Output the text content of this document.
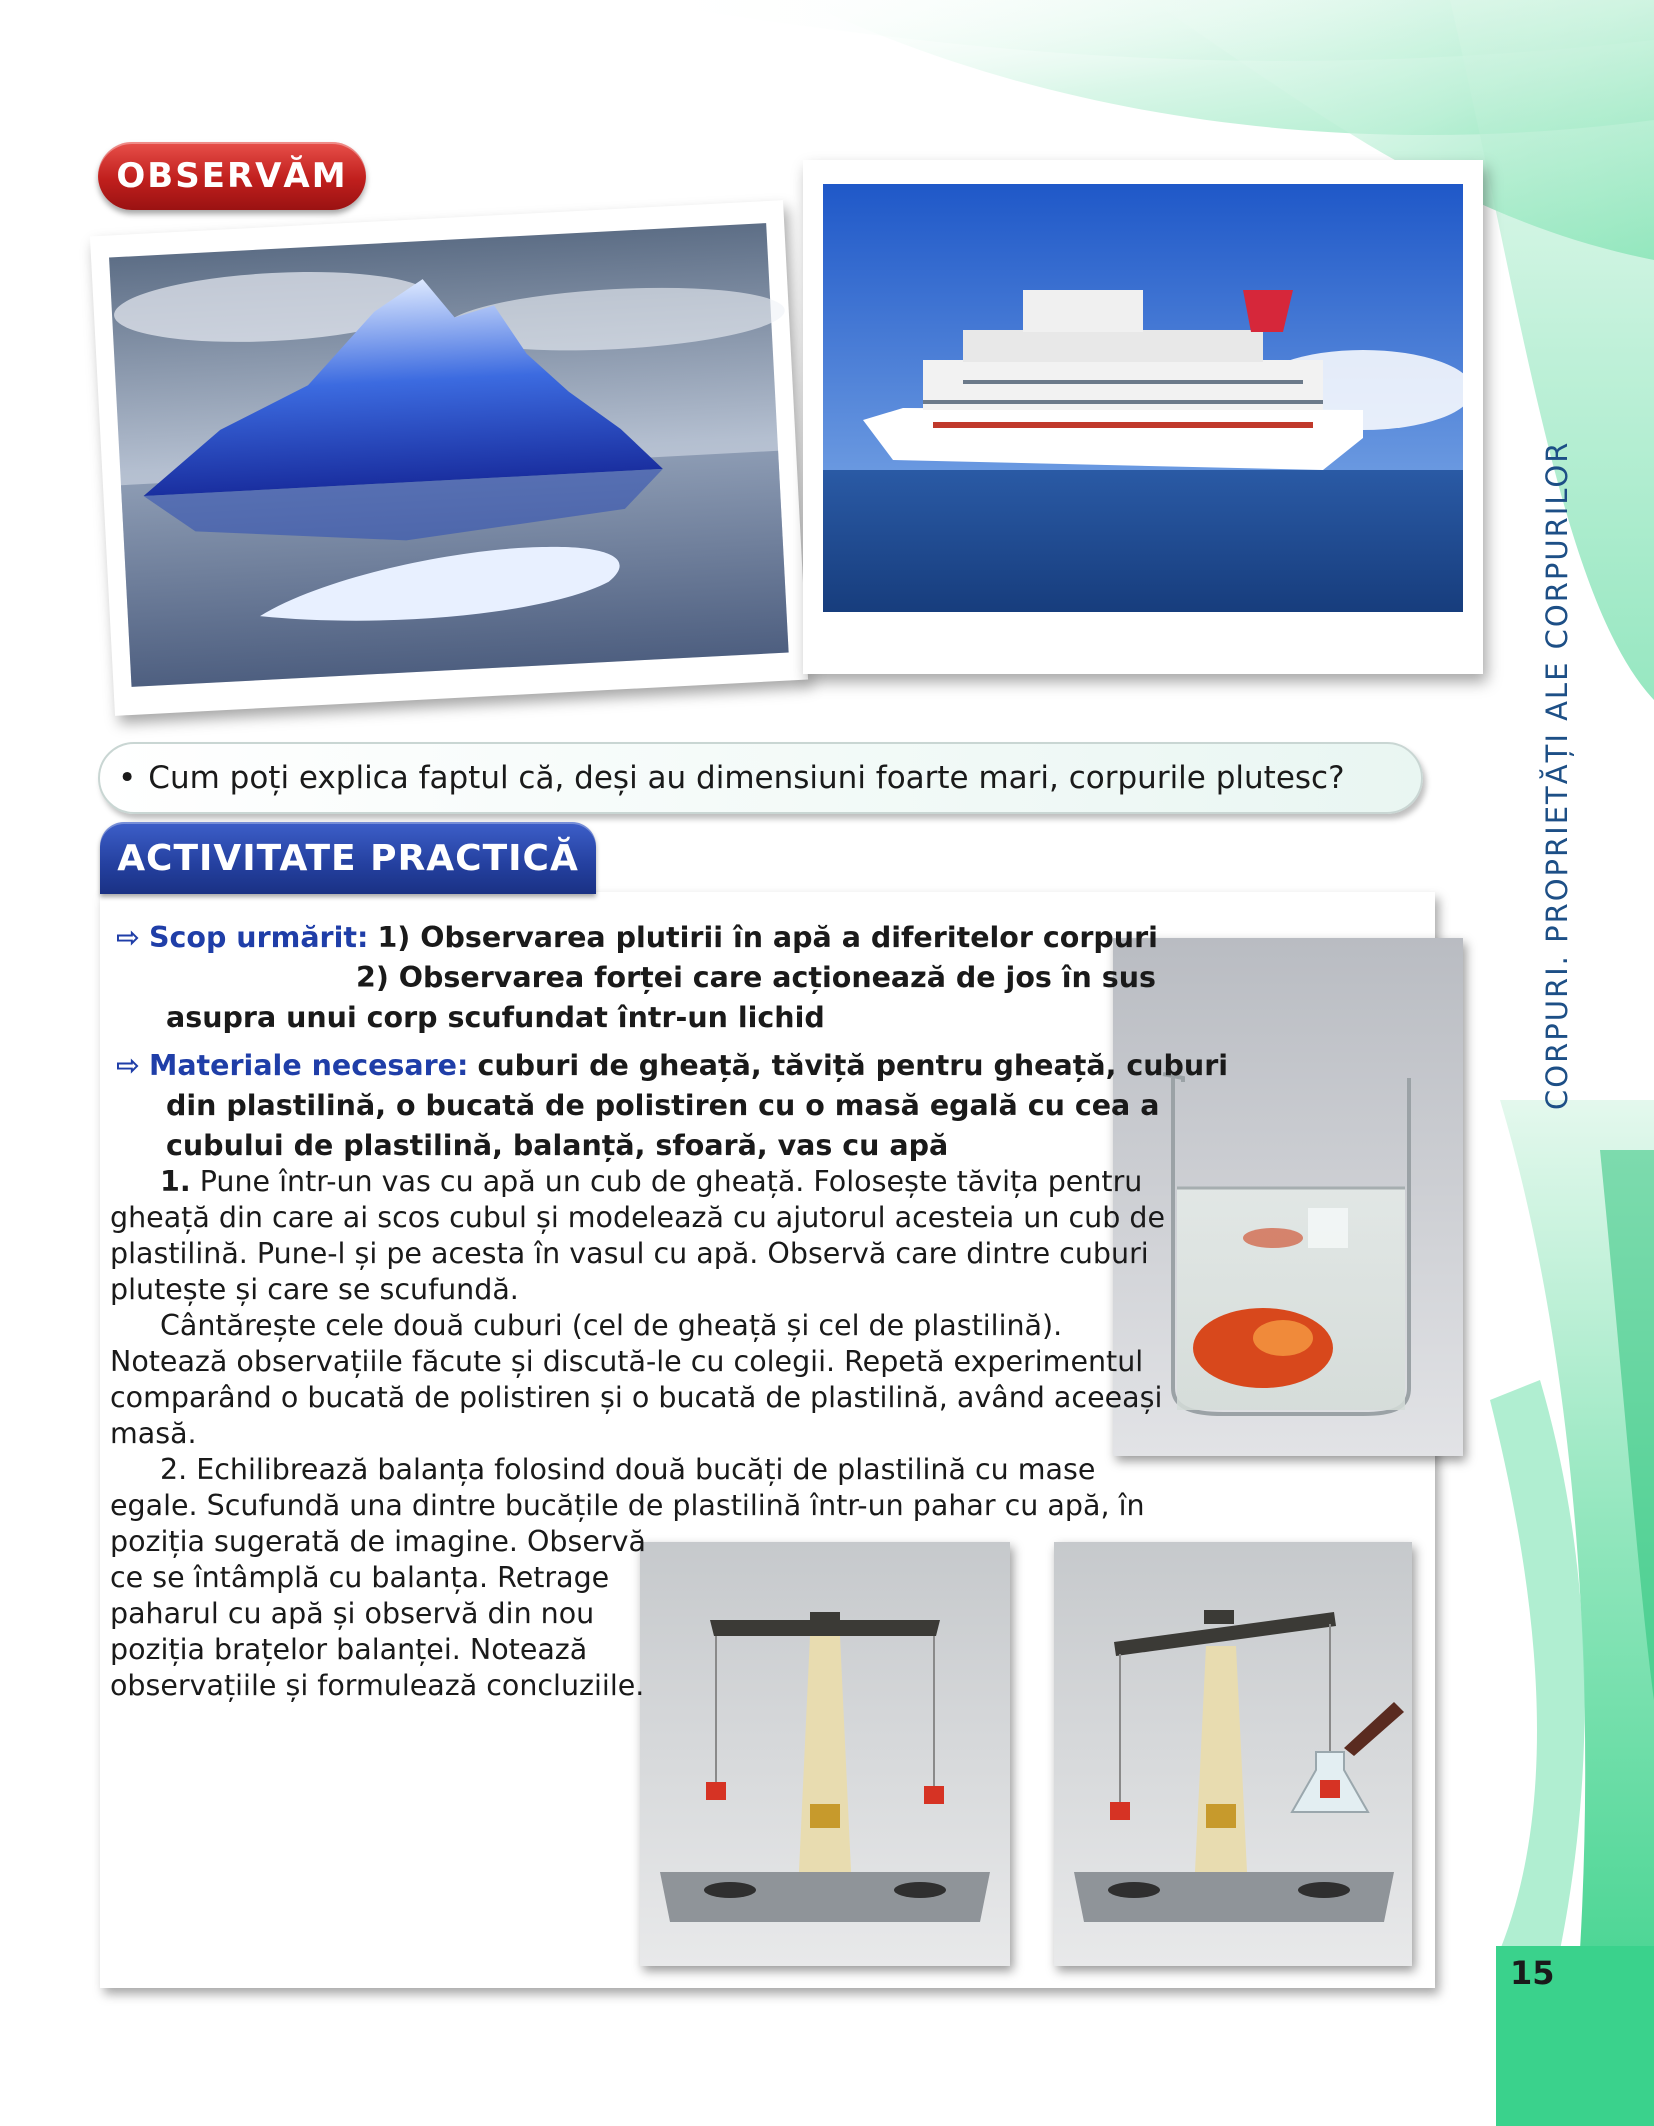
OBSERVĂM
• Cum poți explica faptul că, deși au dimensiuni foarte mari, corpurile plutesc?
ACTIVITATE PRACTICĂ
⇨ Scop urmărit: 1) Observarea plutirii în apă a diferitelor corpuri
2) Observarea forței care acționează de jos în sus
asupra unui corp scufundat într-un lichid
⇨ Materiale necesare: cuburi de gheață, tăviță pentru gheață, cuburi
din plastilină, o bucată de polistiren cu o masă egală cu cea a
cubului de plastilină, balanță, sfoară, vas cu apă
1. Pune într-un vas cu apă un cub de gheață. Folosește tăvița pentru
gheață din care ai scos cubul și modelează cu ajutorul acesteia un cub de
plastilină. Pune-l și pe acesta în vasul cu apă. Observă care dintre cuburi
plutește și care se scufundă.
Cântărește cele două cuburi (cel de gheață și cel de plastilină).
Notează observațiile făcute și discută-le cu colegii. Repetă experimentul
comparând o bucată de polistiren și o bucată de plastilină, având aceeași
masă.
2. Echilibrează balanța folosind două bucăți de plastilină cu mase
egale. Scufundă una dintre bucățile de plastilină într-un pahar cu apă, în
poziția sugerată de imagine. Observă
ce se întâmplă cu balanța. Retrage
paharul cu apă și observă din nou
poziția brațelor balanței. Notează
observațiile și formulează concluziile.
CORPURI. PROPRIETĂȚI ALE CORPURILOR
15
